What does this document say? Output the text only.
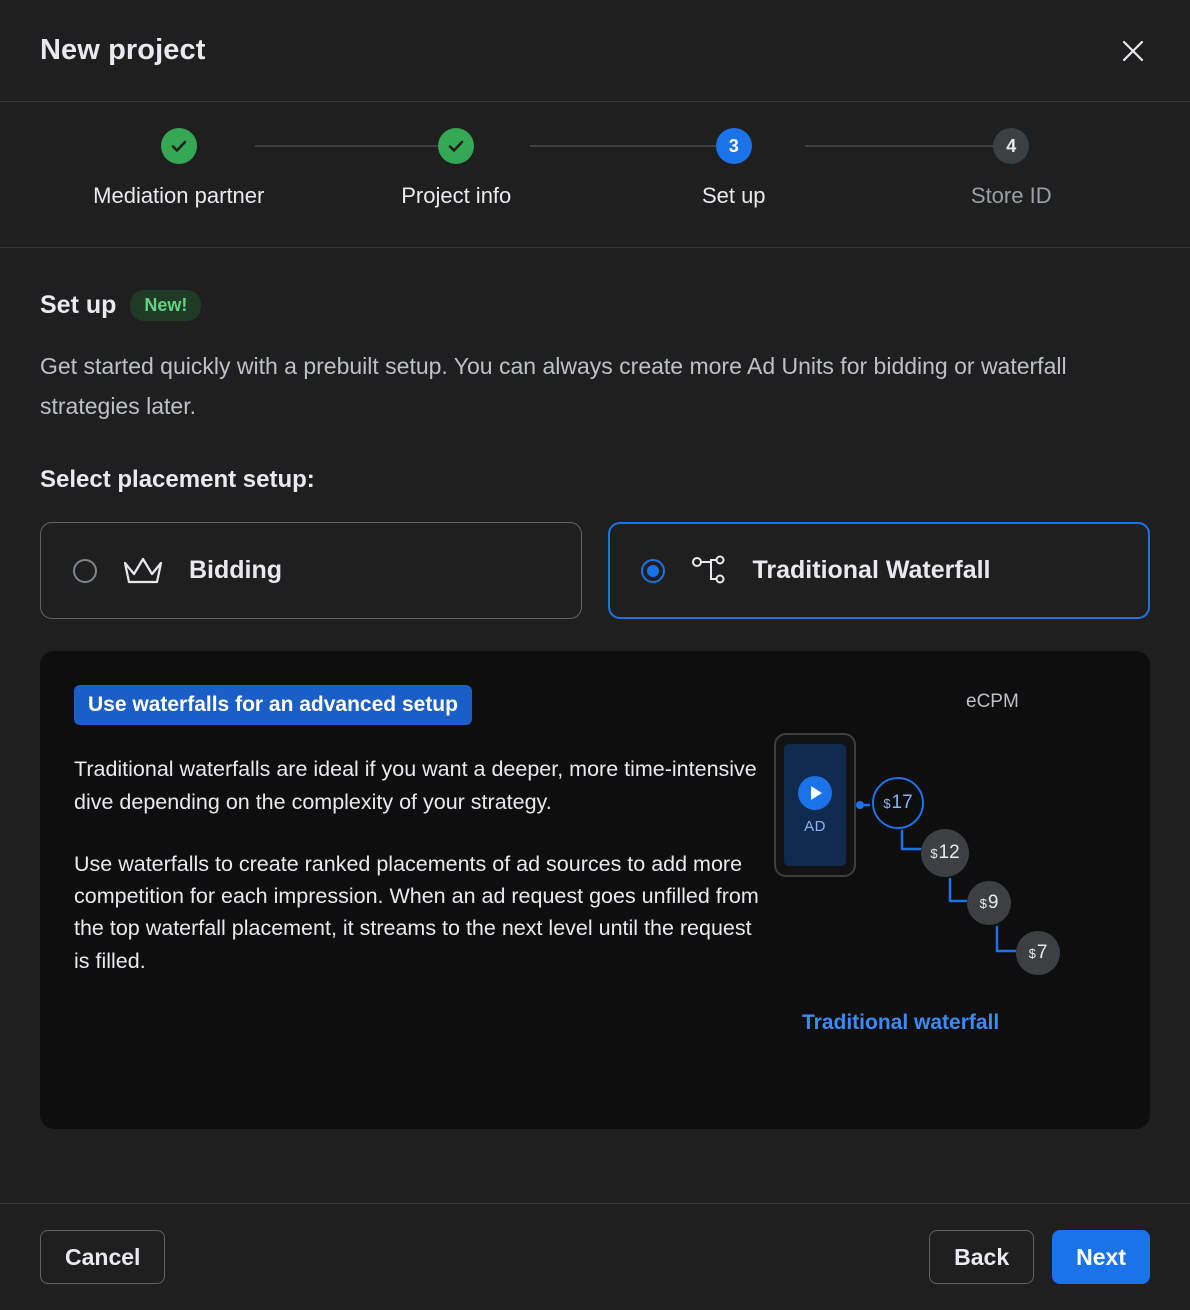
New project
Mediation partner	Project info
3
Set up
4
Store ID
Set up	New!
Get started quickly with a prebuilt setup. You can always create more Ad Units for bidding or waterfall strategies later.
Select placement setup:
Bidding	Traditional Waterfall
Use waterfalls for an advanced setup
Traditional waterfalls are ideal if you want a deeper, more time-intensive dive depending on the complexity of your strategy.
Use waterfalls to create ranked placements of ad sources to add more competition for each impression. When an ad request goes unfilled from the top waterfall placement, it streams to the next level until the request is filled.
eCPM
AD
$ 17
$ 12
$ 9
$ 7
Traditional waterfall
Cancel	Back	Next
